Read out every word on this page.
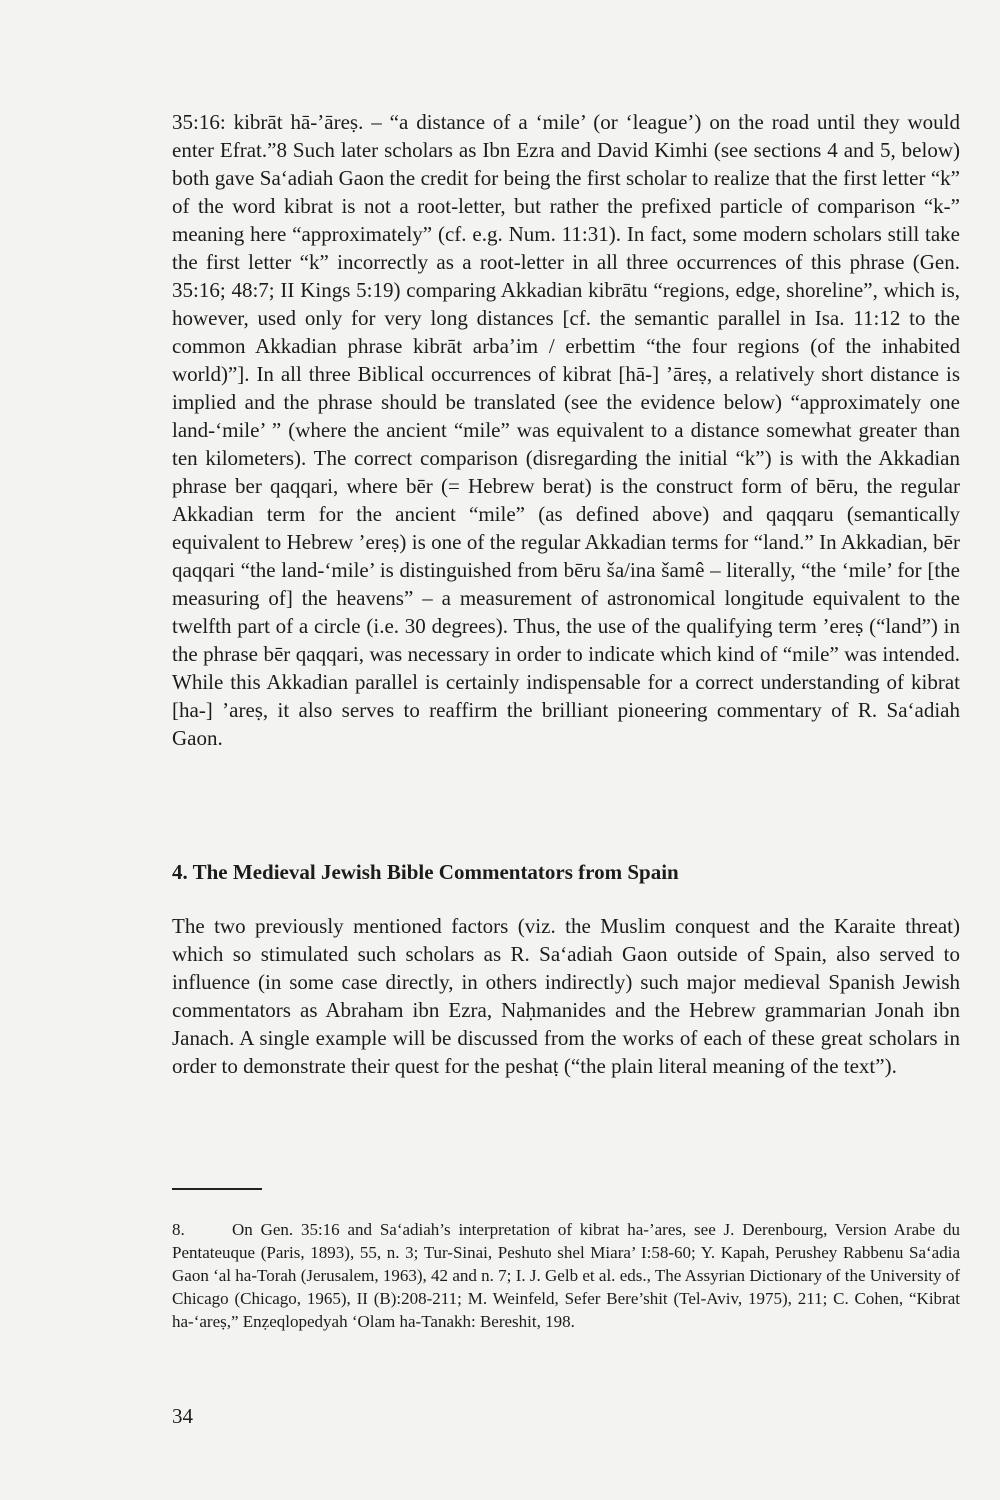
35:16: kibrāt hā-ʼāreṣ. – “a distance of a ‘mile’ (or ‘league’) on the road until they would enter Efrat.”8 Such later scholars as Ibn Ezra and David Kimhi (see sections 4 and 5, below) both gave Sa‘adiah Gaon the credit for being the first scholar to realize that the first letter “k” of the word kibrat is not a root-letter, but rather the prefixed particle of comparison “k-” meaning here “approximately” (cf. e.g. Num. 11:31). In fact, some modern scholars still take the first letter “k” incorrectly as a root-letter in all three occurrences of this phrase (Gen. 35:16; 48:7; II Kings 5:19) comparing Akkadian kibrātu “regions, edge, shoreline”, which is, however, used only for very long distances [cf. the semantic parallel in Isa. 11:12 to the common Akkadian phrase kibrāt arba’im / erbettim “the four regions (of the inhabited world)”]. In all three Biblical occurrences of kibrat [hā-] ʼāreṣ, a relatively short distance is implied and the phrase should be translated (see the evidence below) “approximately one land-‘mile’ ” (where the ancient “mile” was equivalent to a distance somewhat greater than ten kilometers). The correct comparison (disregarding the initial “k”) is with the Akkadian phrase ber qaqqari, where bēr (= Hebrew berat) is the construct form of bēru, the regular Akkadian term for the ancient “mile” (as defined above) and qaqqaru (semantically equivalent to Hebrew ’ereṣ) is one of the regular Akkadian terms for “land.” In Akkadian, bēr qaqqari “the land-‘mile’ is distinguished from bēru ša/ina šamê – literally, “the ‘mile’ for [the measuring of] the heavens” – a measurement of astronomical longitude equivalent to the twelfth part of a circle (i.e. 30 degrees). Thus, the use of the qualifying term ’ereṣ (“land”) in the phrase bēr qaqqari, was necessary in order to indicate which kind of “mile” was intended. While this Akkadian parallel is certainly indispensable for a correct understanding of kibrat [ha-] ’areṣ, it also serves to reaffirm the brilliant pioneering commentary of R. Sa‘adiah Gaon.

4. The Medieval Jewish Bible Commentators from Spain
The two previously mentioned factors (viz. the Muslim conquest and the Karaite threat) which so stimulated such scholars as R. Sa‘adiah Gaon outside of Spain, also served to influence (in some case directly, in others indirectly) such major medieval Spanish Jewish commentators as Abraham ibn Ezra, Naḥmanides and the Hebrew grammarian Jonah ibn Janach. A single example will be discussed from the works of each of these great scholars in order to demonstrate their quest for the peshaṭ (“the plain literal meaning of the text”).
8.	On Gen. 35:16 and Sa‘adiah’s interpretation of kibrat ha-’ares, see J. Derenbourg, Version Arabe du Pentateuque (Paris, 1893), 55, n. 3; Tur-Sinai, Peshuto shel Miara’ I:58-60; Y. Kapah, Perushey Rabbenu Sa‘adia Gaon ‘al ha-Torah (Jerusalem, 1963), 42 and n. 7; I. J. Gelb et al. eds., The Assyrian Dictionary of the University of Chicago (Chicago, 1965), II (B):208-211; M. Weinfeld, Sefer Bere’shit (Tel-Aviv, 1975), 211; C. Cohen, “Kibrat ha-‘areṣ,” Enẓeqlopedyah ‘Olam ha-Tanakh: Bereshit, 198.
34
